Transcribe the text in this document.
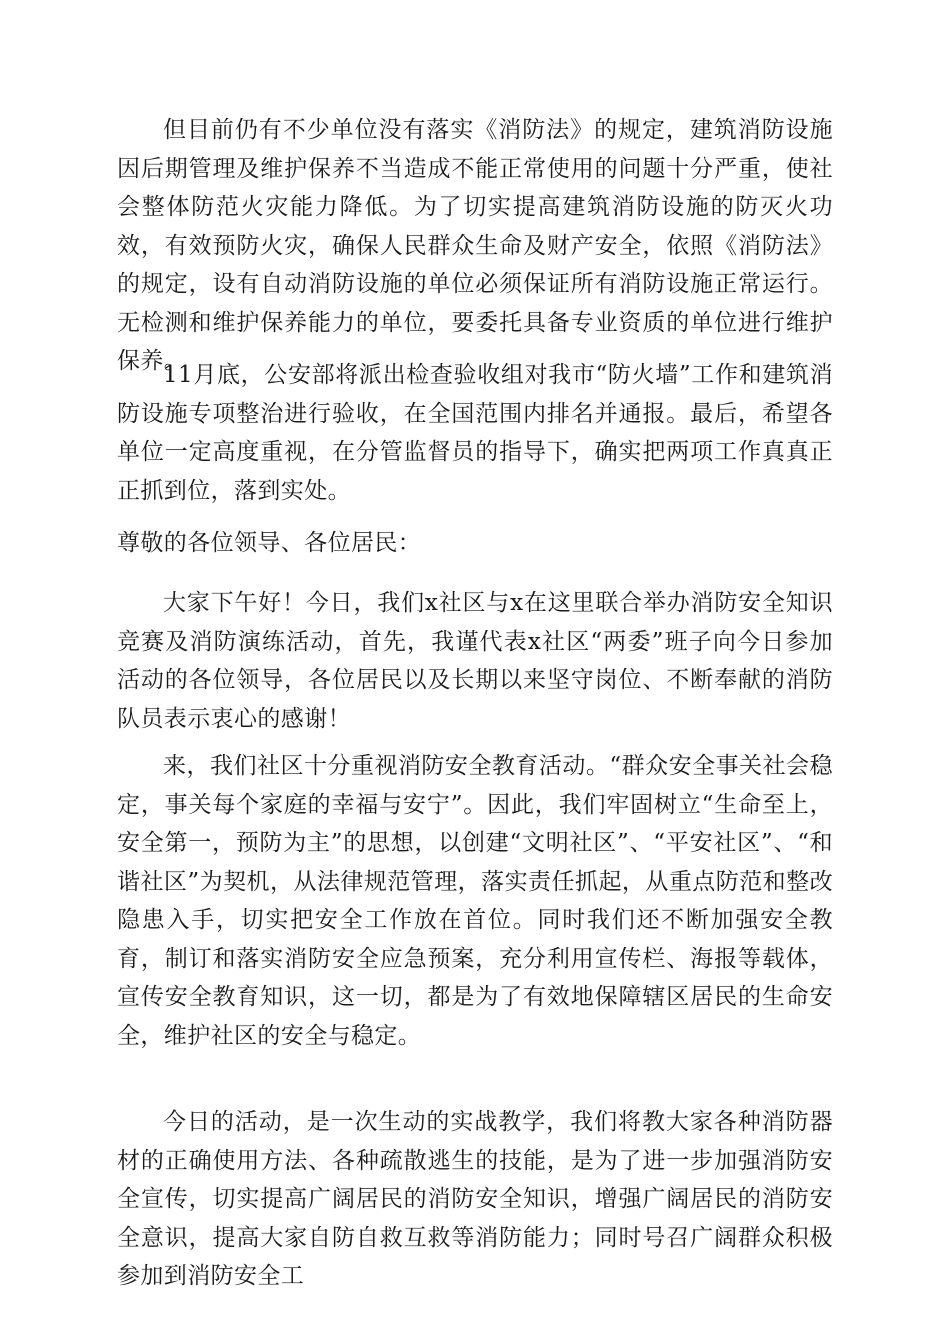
但目前仍有不少单位没有落实《消防法》的规定，建筑消防设施因后期管理及维护保养不当造成不能正常使用的问题十分严重，使社会整体防范火灾能力降低。为了切实提高建筑消防设施的防灭火功效，有效预防火灾，确保人民群众生命及财产安全，依照《消防法》的规定，设有自动消防设施的单位必须保证所有消防设施正常运行。无检测和维护保养能力的单位，要委托具备专业资质的单位进行维护保养。

11月底，公安部将派出检查验收组对我市“防火墙”工作和建筑消防设施专项整治进行验收，在全国范围内排名并通报。最后，希望各单位一定高度重视，在分管监督员的指导下，确实把两项工作真真正正抓到位，落到实处。

尊敬的各位领导、各位居民：

大家下午好！今日，我们x社区与x在这里联合举办消防安全知识竞赛及消防演练活动，首先，我谨代表x社区“两委”班子向今日参加活动的各位领导，各位居民以及长期以来坚守岗位、不断奉献的消防队员表示衷心的感谢！

来，我们社区十分重视消防安全教育活动。“群众安全事关社会稳定，事关每个家庭的幸福与安宁”。因此，我们牢固树立“生命至上，安全第一，预防为主”的思想，以创建“文明社区”、“平安社区”、“和谐社区”为契机，从法律规范管理，落实责任抓起，从重点防范和整改隐患入手，切实把安全工作放在首位。同时我们还不断加强安全教育，制订和落实消防安全应急预案，充分利用宣传栏、海报等载体，宣传安全教育知识，这一切，都是为了有效地保障辖区居民的生命安全，维护社区的安全与稳定。

今日的活动，是一次生动的实战教学，我们将教大家各种消防器材的正确使用方法、各种疏散逃生的技能，是为了进一步加强消防安全宣传，切实提高广阔居民的消防安全知识，增强广阔居民的消防安全意识，提高大家自防自救互救等消防能力；同时号召广阔群众积极参加到消防安全工
